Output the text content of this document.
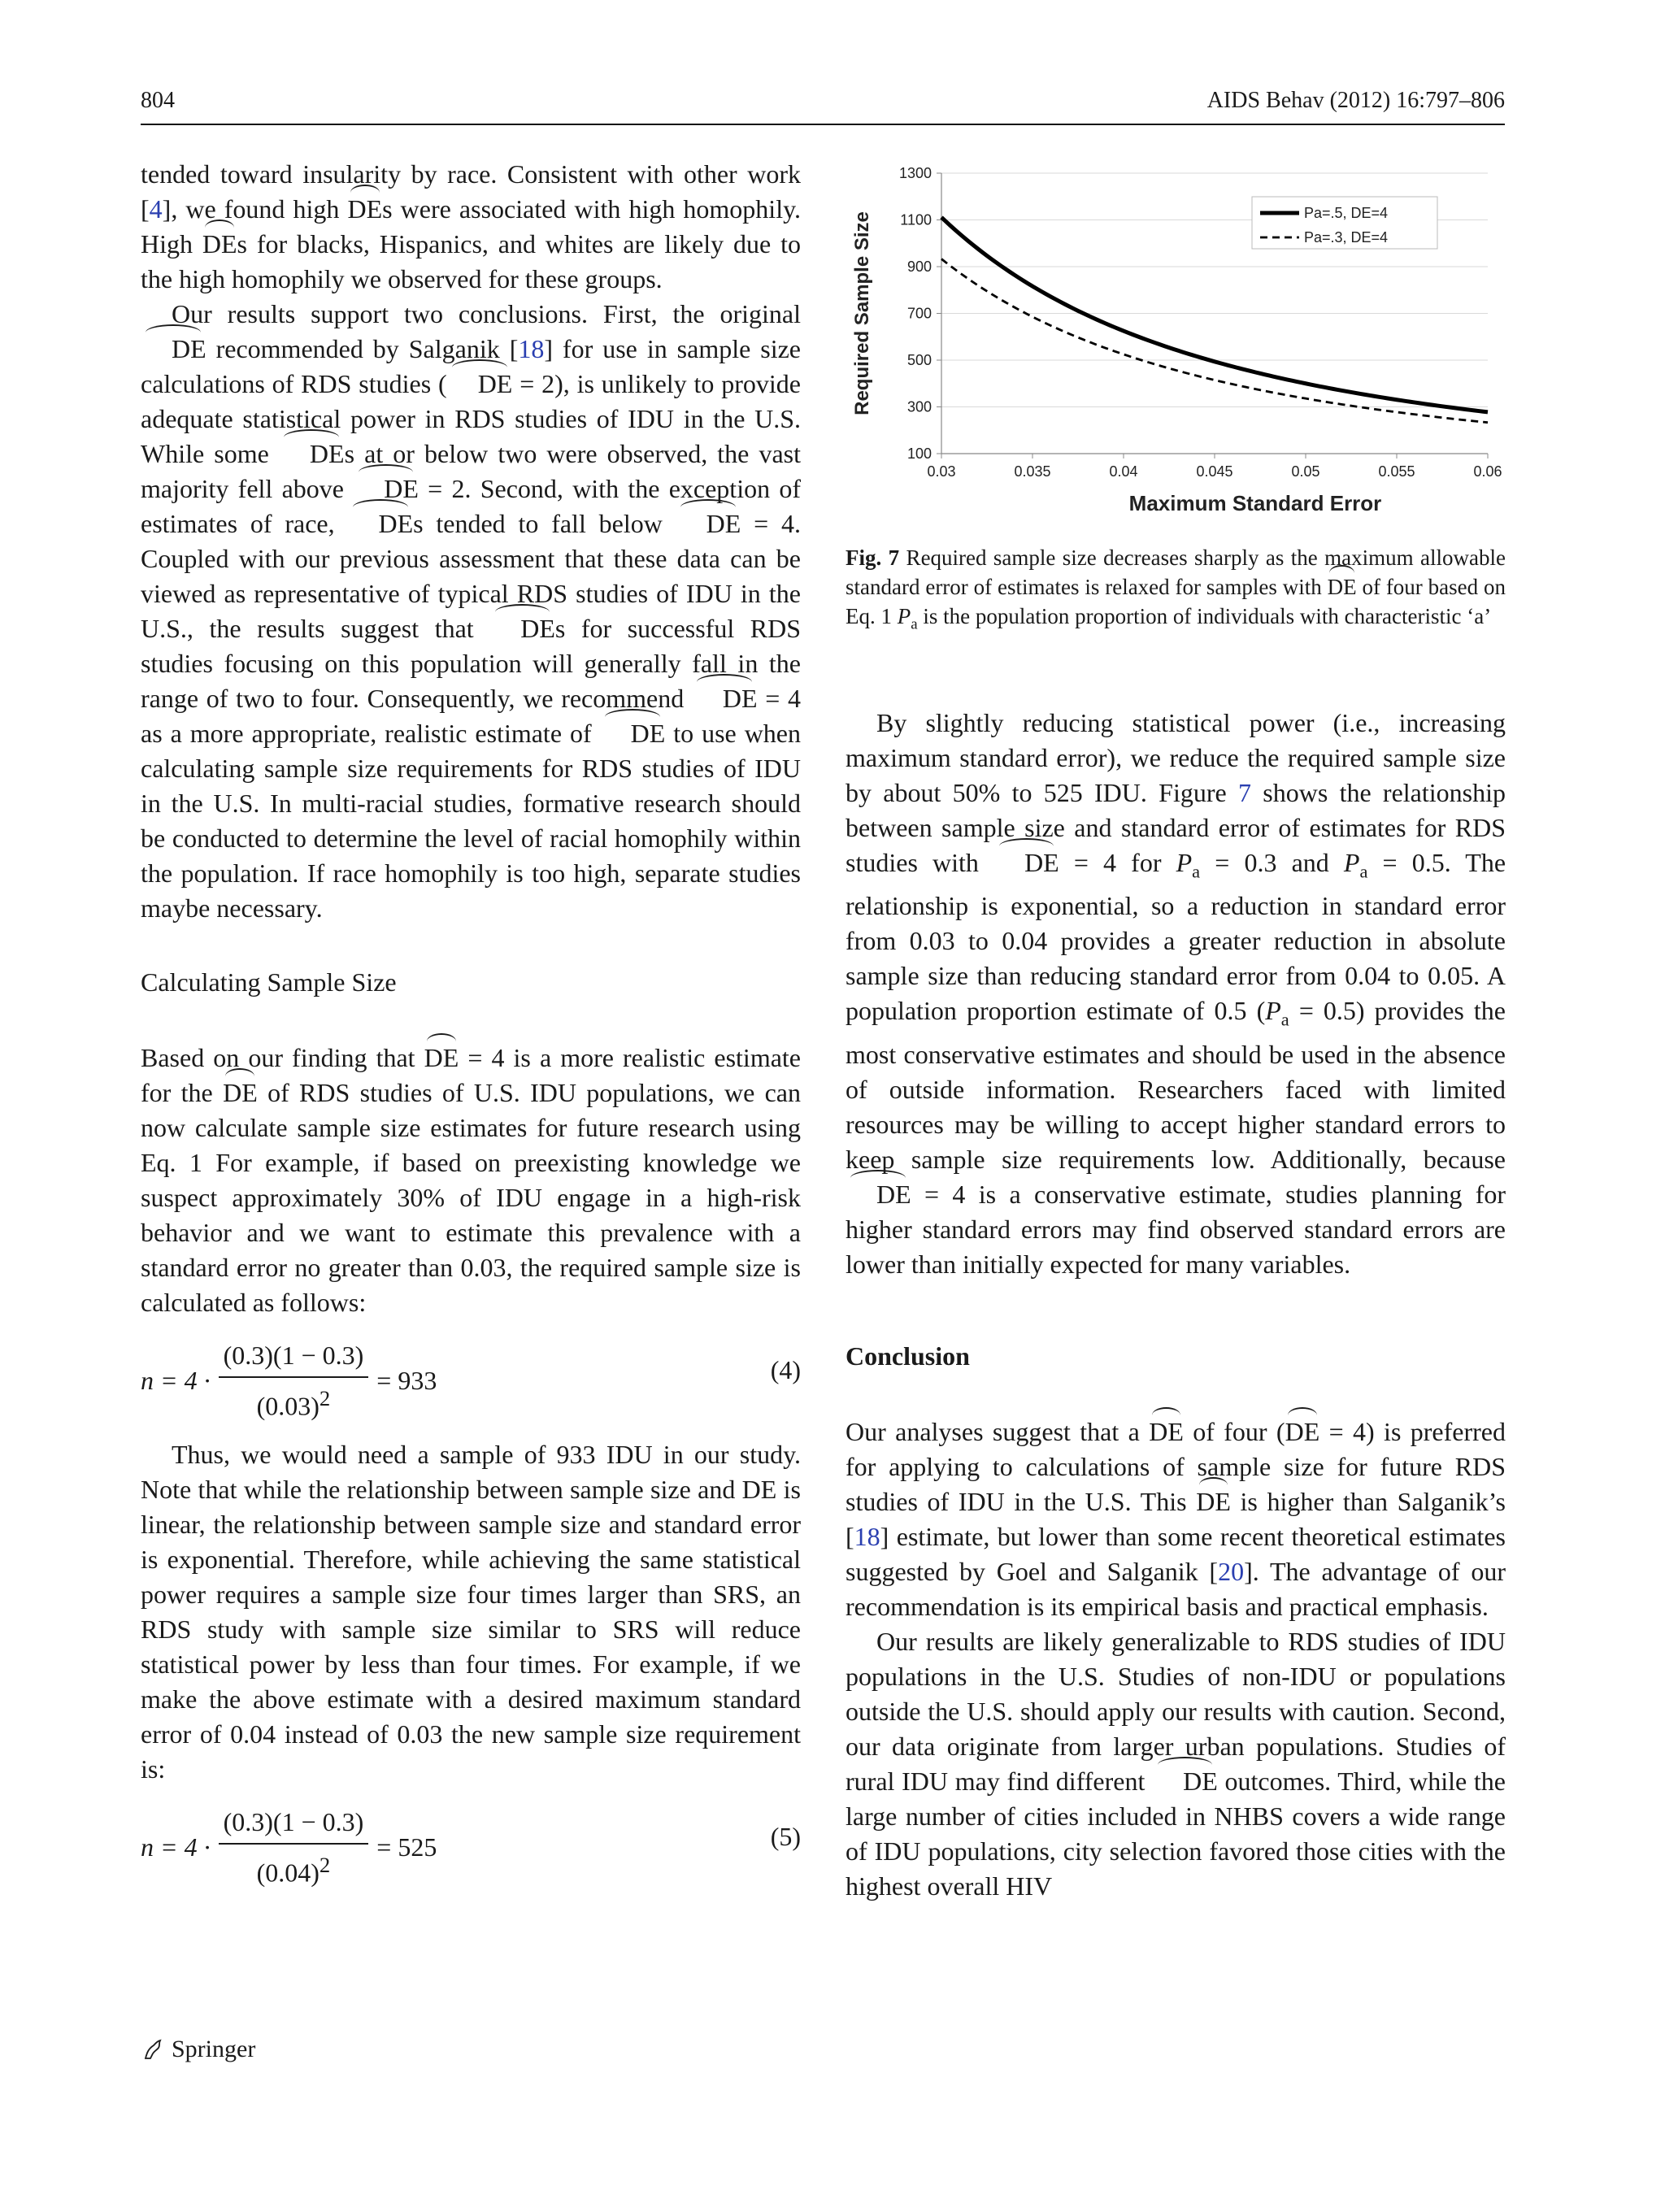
804	AIDS Behav (2012) 16:797–806
100
300
500
700
900
1100
1300
0.03	0.035	0.04	0.045	0.05	0.055	0.06
Maximum Standard Error
Required Sample Size	Pa=.5, DE=4
Pa=.3, DE=4
Fig. 7 Required sample size decreases sharply as the maximum allowable standard error of estimates is relaxed for samples with DE of four based on Eq. 1 $P_a$ is the population proportion of individuals with characteristic ‘a’

tended toward insularity by race. Consistent with other work [4], we found high DEs were associated with high homophily. High DEs for blacks, Hispanics, and whites are likely due to the high homophily we observed for these groups.

Our results support two conclusions. First, the original DE recommended by Salganik [18] for use in sample size calculations of RDS studies ( DE = 2), is unlikely to provide adequate statistical power in RDS studies of IDU in the U.S. While some DEs at or below two were observed, the vast majority fell above DE = 2. Second, with the exception of estimates of race, DEs tended to fall below DE = 4. Coupled with our previous assessment that these data can be viewed as representative of typical RDS studies of IDU in the U.S., the results suggest that DEs for successful RDS studies focusing on this population will generally fall in the range of two to four. Consequently, we recommend DE = 4 as a more appropriate, realistic estimate of DE to use when calculating sample size requirements for RDS studies of IDU in the U.S. In multi-racial studies, formative research should be conducted to determine the level of racial homophily within the population. If race homophily is too high, separate studies maybe necessary.

Calculating Sample Size

Based on our finding that DE = 4 is a more realistic estimate for the DE of RDS studies of U.S. IDU populations, we can now calculate sample size estimates for future research using Eq. 1 For example, if based on preexisting knowledge we suspect approximately 30% of IDU engage in a high-risk behavior and we want to estimate this prevalence with a standard error no greater than 0.03, the required sample size is calculated as follows:

$n = 4 \cdot \frac{(0.3)(1 - 0.3)}{(0.03)^2} = 933$	(4)

Thus, we would need a sample of 933 IDU in our study. Note that while the relationship between sample size and DE is linear, the relationship between sample size and standard error is exponential. Therefore, while achieving the same statistical power requires a sample size four times larger than SRS, an RDS study with sample size similar to SRS will reduce statistical power by less than four times. For example, if we make the above estimate with a desired maximum standard error of 0.04 instead of 0.03 the new sample size requirement is:

$n = 4 \cdot \frac{(0.3)(1 - 0.3)}{(0.04)^2} = 525$	(5)

By slightly reducing statistical power (i.e., increasing maximum standard error), we reduce the required sample size by about 50% to 525 IDU. Figure 7 shows the relationship between sample size and standard error of estimates for RDS studies with DE = 4 for $P_a = 0.3$ and $P_a = 0.5$. The relationship is exponential, so a reduction in standard error from 0.03 to 0.04 provides a greater reduction in absolute sample size than reducing standard error from 0.04 to 0.05. A population proportion estimate of 0.5 $(P_a = 0.5)$ provides the most conservative estimates and should be used in the absence of outside information. Researchers faced with limited resources may be willing to accept higher standard errors to keep sample size requirements low. Additionally, because DE = 4 is a conservative estimate, studies planning for higher standard errors may find observed standard errors are lower than initially expected for many variables.

Conclusion

Our analyses suggest that a DE of four (DE = 4) is preferred for applying to calculations of sample size for future RDS studies of IDU in the U.S. This DE is higher than Salganik’s [18] estimate, but lower than some recent theoretical estimates suggested by Goel and Salganik [20]. The advantage of our recommendation is its empirical basis and practical emphasis.

Our results are likely generalizable to RDS studies of IDU populations in the U.S. Studies of non-IDU or populations outside the U.S. should apply our results with caution. Second, our data originate from larger urban populations. Studies of rural IDU may find different DE outcomes. Third, while the large number of cities included in NHBS covers a wide range of IDU populations, city selection favored those cities with the highest overall HIV

Springer
